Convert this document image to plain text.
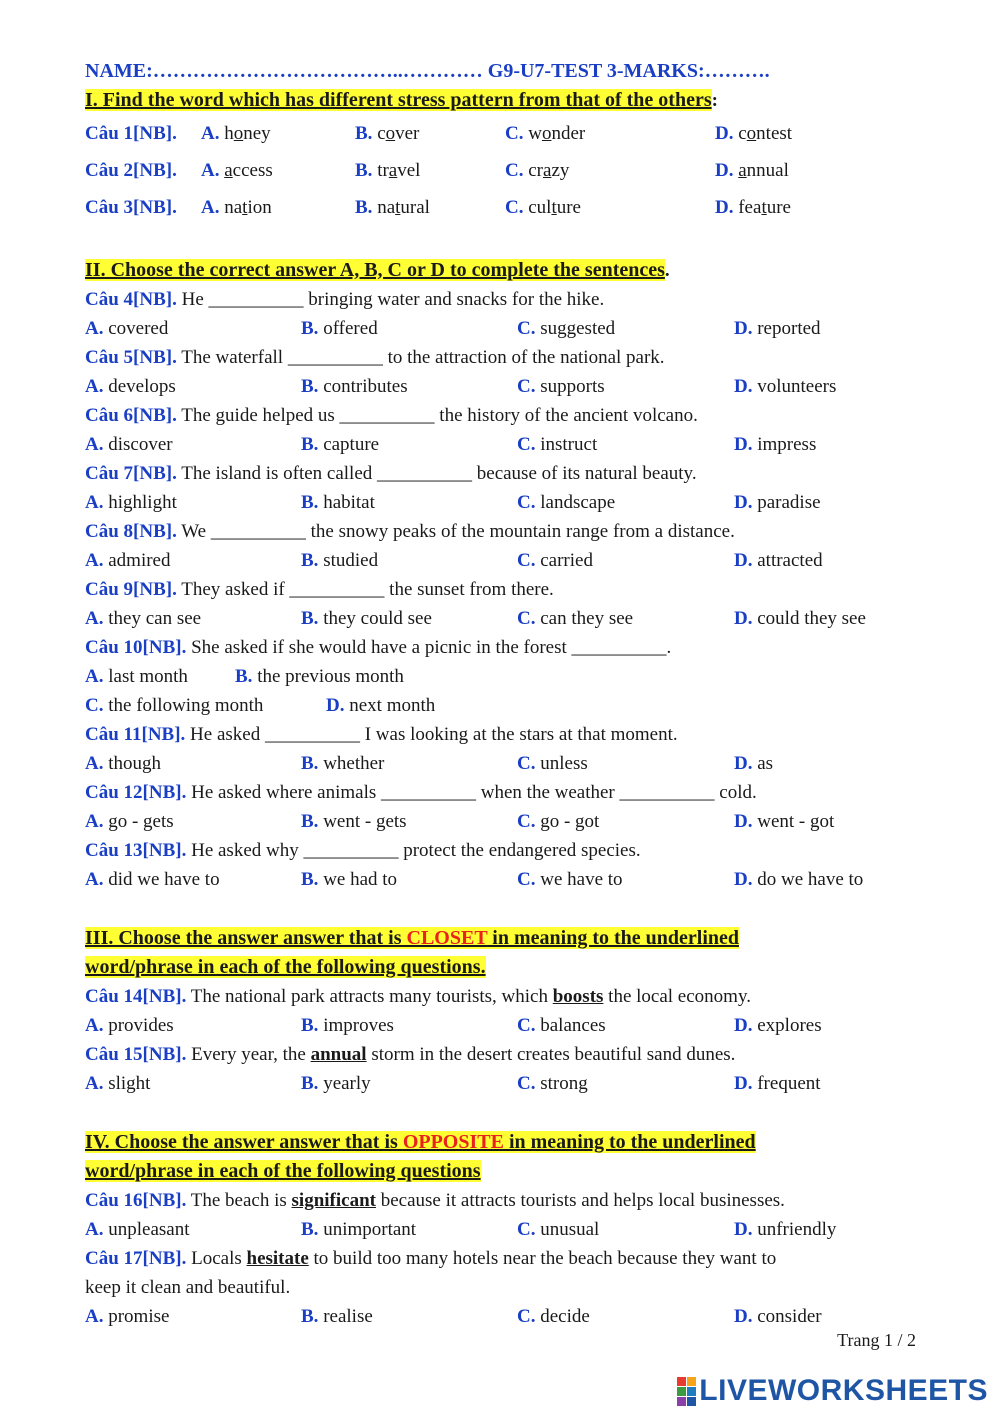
NAME:………………………………..………… G9-U7-TEST 3-MARKS:……….
I. Find the word which has different stress pattern from that of the others:
Câu 1[NB]. A. honey	B. cover	C. wonder	D. contest
Câu 2[NB]. A. access	B. travel	C. crazy	D. annual
Câu 3[NB]. A. nation	B. natural	C. culture	D. feature
II. Choose the correct answer A, B, C or D to complete the sentences.
Câu 4[NB]. He __________ bringing water and snacks for the hike.
A. covered	B. offered	C. suggested	D. reported
Câu 5[NB]. The waterfall __________ to the attraction of the national park.
A. develops	B. contributes	C. supports	D. volunteers
Câu 6[NB]. The guide helped us __________ the history of the ancient volcano.
A. discover	B. capture	C. instruct	D. impress
Câu 7[NB]. The island is often called __________ because of its natural beauty.
A. highlight	B. habitat	C. landscape	D. paradise
Câu 8[NB]. We __________ the snowy peaks of the mountain range from a distance.
A. admired	B. studied	C. carried	D. attracted
Câu 9[NB]. They asked if __________ the sunset from there.
A. they can see	B. they could see	C. can they see	D. could they see
Câu 10[NB]. She asked if she would have a picnic in the forest __________.
A. last month B. the previous month
C. the following month	D. next month
Câu 11[NB]. He asked __________ I was looking at the stars at that moment.
A. though	B. whether	C. unless	D. as
Câu 12[NB]. He asked where animals __________ when the weather __________ cold.
A. go - gets	B. went - gets	C. go - got	D. went - got
Câu 13[NB]. He asked why __________ protect the endangered species.
A. did we have to	B. we had to	C. we have to	D. do we have to
III. Choose the answer answer that is CLOSET in meaning to the underlined
word/phrase in each of the following questions.
Câu 14[NB]. The national park attracts many tourists, which boosts the local economy.
A. provides	B. improves	C. balances	D. explores
Câu 15[NB]. Every year, the annual storm in the desert creates beautiful sand dunes.
A. slight	B. yearly	C. strong	D. frequent
IV. Choose the answer answer that is OPPOSITE in meaning to the underlined
word/phrase in each of the following questions
Câu 16[NB]. The beach is significant because it attracts tourists and helps local businesses.
A. unpleasant	B. unimportant	C. unusual	D. unfriendly
Câu 17[NB]. Locals hesitate to build too many hotels near the beach because they want to
keep it clean and beautiful.
A. promise	B. realise	C. decide	D. consider
Trang 1 / 2
LIVEWORKSHEETS
